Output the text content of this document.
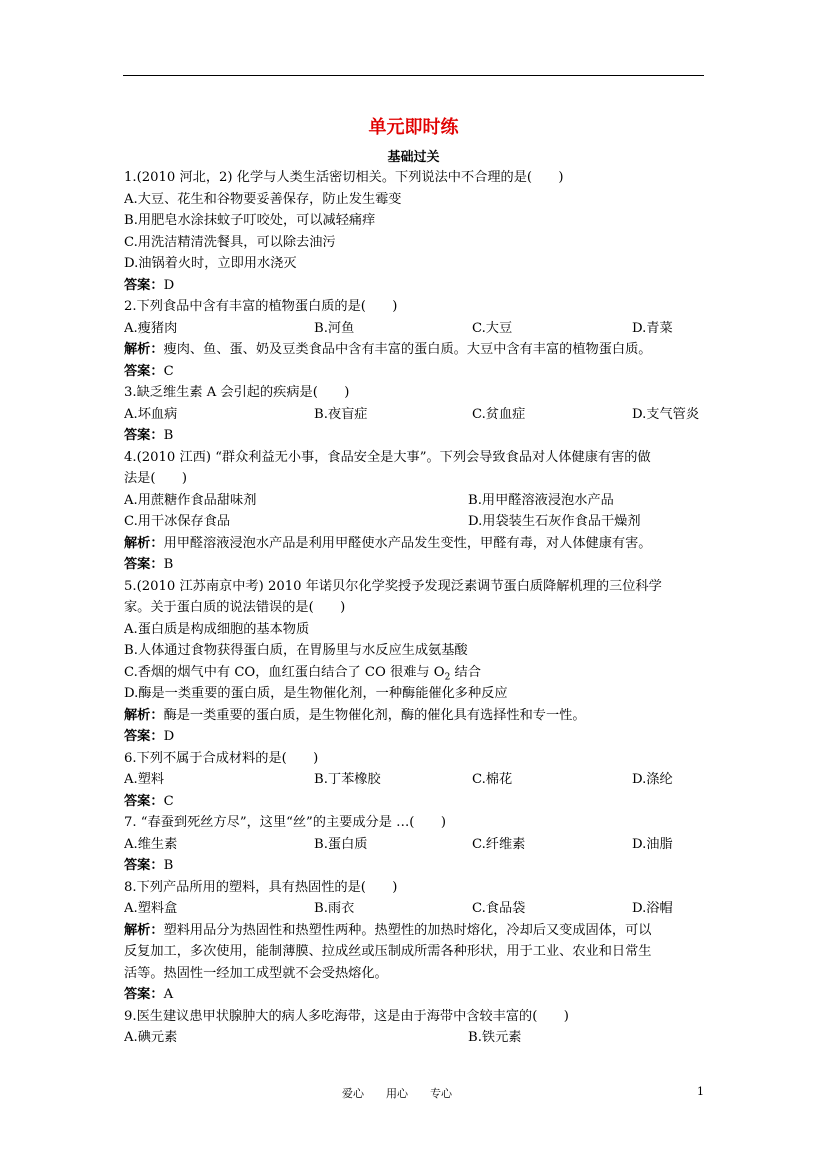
单元即时练
基础过关
1.(2010 河北，2) 化学与人类生活密切相关。下列说法中不合理的是(　　)
A.大豆、花生和谷物要妥善保存，防止发生霉变
B.用肥皂水涂抹蚊子叮咬处，可以减轻痛痒
C.用洗洁精清洗餐具，可以除去油污
D.油锅着火时，立即用水浇灭
答案：D
2.下列食品中含有丰富的植物蛋白质的是(　　)
A.瘦猪肉	B.河鱼	C.大豆	D.青菜
解析：瘦肉、鱼、蛋、奶及豆类食品中含有丰富的蛋白质。大豆中含有丰富的植物蛋白质。
答案：C
3.缺乏维生素 A 会引起的疾病是(　　)
A.坏血病	B.夜盲症	C.贫血症	D.支气管炎
答案：B
4.(2010 江西) “群众利益无小事，食品安全是大事”。下列会导致食品对人体健康有害的做
法是(　　)
A.用蔗糖作食品甜味剂	B.用甲醛溶液浸泡水产品
C.用干冰保存食品	D.用袋装生石灰作食品干燥剂
解析：用甲醛溶液浸泡水产品是利用甲醛使水产品发生变性，甲醛有毒，对人体健康有害。
答案：B
5.(2010 江苏南京中考) 2010 年诺贝尔化学奖授予发现泛素调节蛋白质降解机理的三位科学
家。关于蛋白质的说法错误的是(　　)
A.蛋白质是构成细胞的基本物质
B.人体通过食物获得蛋白质，在胃肠里与水反应生成氨基酸
C.香烟的烟气中有 CO，血红蛋白结合了 CO 很难与 $O_2$ 结合
D.酶是一类重要的蛋白质，是生物催化剂，一种酶能催化多种反应
解析：酶是一类重要的蛋白质，是生物催化剂，酶的催化具有选择性和专一性。
答案：D
6.下列不属于合成材料的是(　　)
A.塑料	B.丁苯橡胶	C.棉花	D.涤纶
答案：C
7. “春蚕到死丝方尽”，这里“丝”的主要成分是 …(　　)
A.维生素	B.蛋白质	C.纤维素	D.油脂
答案：B
8.下列产品所用的塑料，具有热固性的是(　　)
A.塑料盒	B.雨衣	C.食品袋	D.浴帽
解析：塑料用品分为热固性和热塑性两种。热塑性的加热时熔化，冷却后又变成固体，可以
反复加工，多次使用，能制薄膜、拉成丝或压制成所需各种形状，用于工业、农业和日常生
活等。热固性一经加工成型就不会受热熔化。
答案：A
9.医生建议患甲状腺肿大的病人多吃海带，这是由于海带中含较丰富的(　　)
A.碘元素	B.铁元素
爱心　　用心　　专心	1
